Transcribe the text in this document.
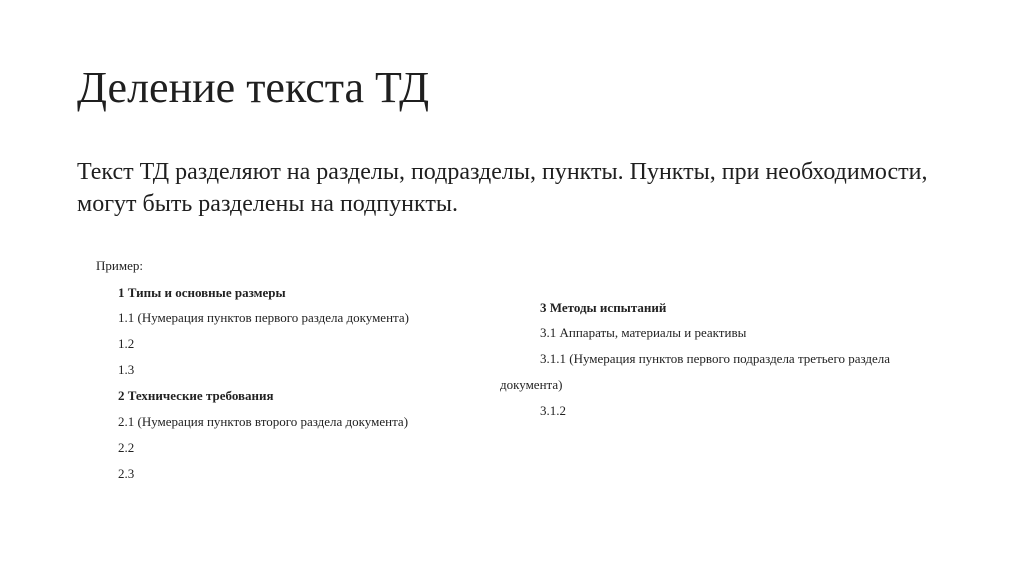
Деление текста ТД
Текст ТД разделяют на разделы, подразделы, пункты. Пункты, при необходимости, могут быть разделены на подпункты.
Пример:
1 Типы и основные размеры
1.1 (Нумерация пунктов первого раздела документа)
1.2
1.3
2 Технические требования
2.1 (Нумерация пунктов второго раздела документа)
2.2
2.3
3 Методы испытаний
3.1 Аппараты, материалы и реактивы
3.1.1 (Нумерация пунктов первого подраздела третьего раздела
документа)
3.1.2
